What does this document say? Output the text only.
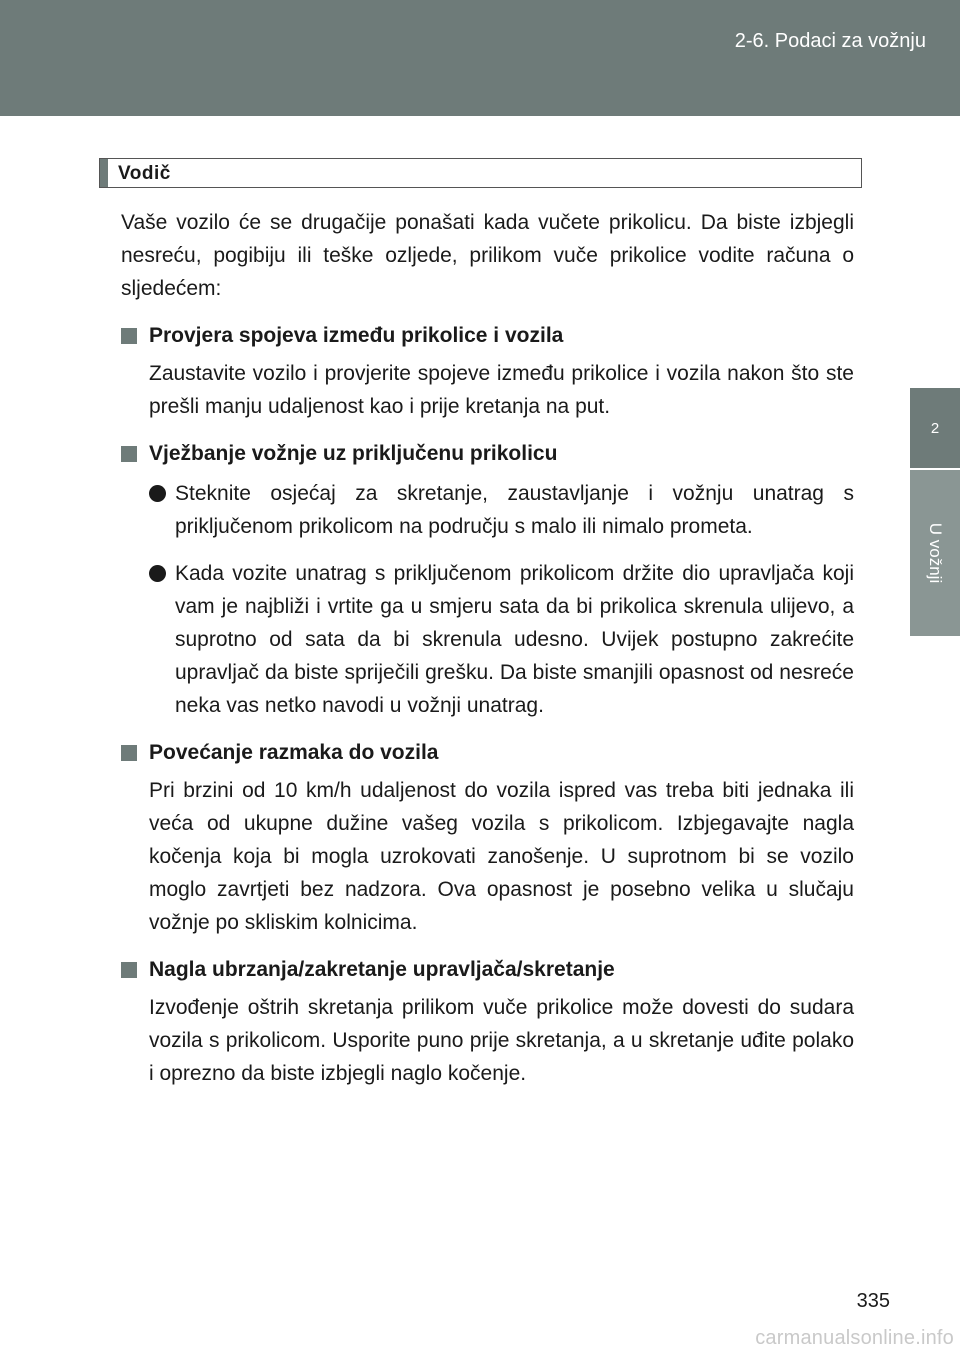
2-6. Podaci za vožnju
2
U vožnji
Vodič

Vaše vozilo će se drugačije ponašati kada vučete prikolicu. Da biste izbjegli nesreću, pogibiju ili teške ozljede, prilikom vuče prikolice vodite računa o sljedećem:

Provjera spojeva između prikolice i vozila

Zaustavite vozilo i provjerite spojeve između prikolice i vozila nakon što ste prešli manju udaljenost kao i prije kretanja na put.

Vježbanje vožnje uz priključenu prikolicu
Steknite osjećaj za skretanje, zaustavljanje i vožnju unatrag s priključenom prikolicom na području s malo ili nimalo prometa.
Kada vozite unatrag s priključenom prikolicom držite dio upravljača koji vam je najbliži i vrtite ga u smjeru sata da bi prikolica skrenula ulijevo, a suprotno od sata da bi skrenula udesno. Uvijek postupno zakrećite upravljač da biste spriječili grešku. Da biste smanjili opasnost od nesreće neka vas netko navodi u vožnji unatrag.
Povećanje razmaka do vozila

Pri brzini od 10 km/h udaljenost do vozila ispred vas treba biti jednaka ili veća od ukupne dužine vašeg vozila s prikolicom. Izbjegavajte nagla kočenja koja bi mogla uzrokovati zanošenje. U suprotnom bi se vozilo moglo zavrtjeti bez nadzora. Ova opasnost je posebno velika u slučaju vožnje po skliskim kolnicima.

Nagla ubrzanja/zakretanje upravljača/skretanje

Izvođenje oštrih skretanja prilikom vuče prikolice može dovesti do sudara vozila s prikolicom. Usporite puno prije skretanja, a u skretanje uđite polako i oprezno da biste izbjegli naglo kočenje.

335
carmanualsonline.info
